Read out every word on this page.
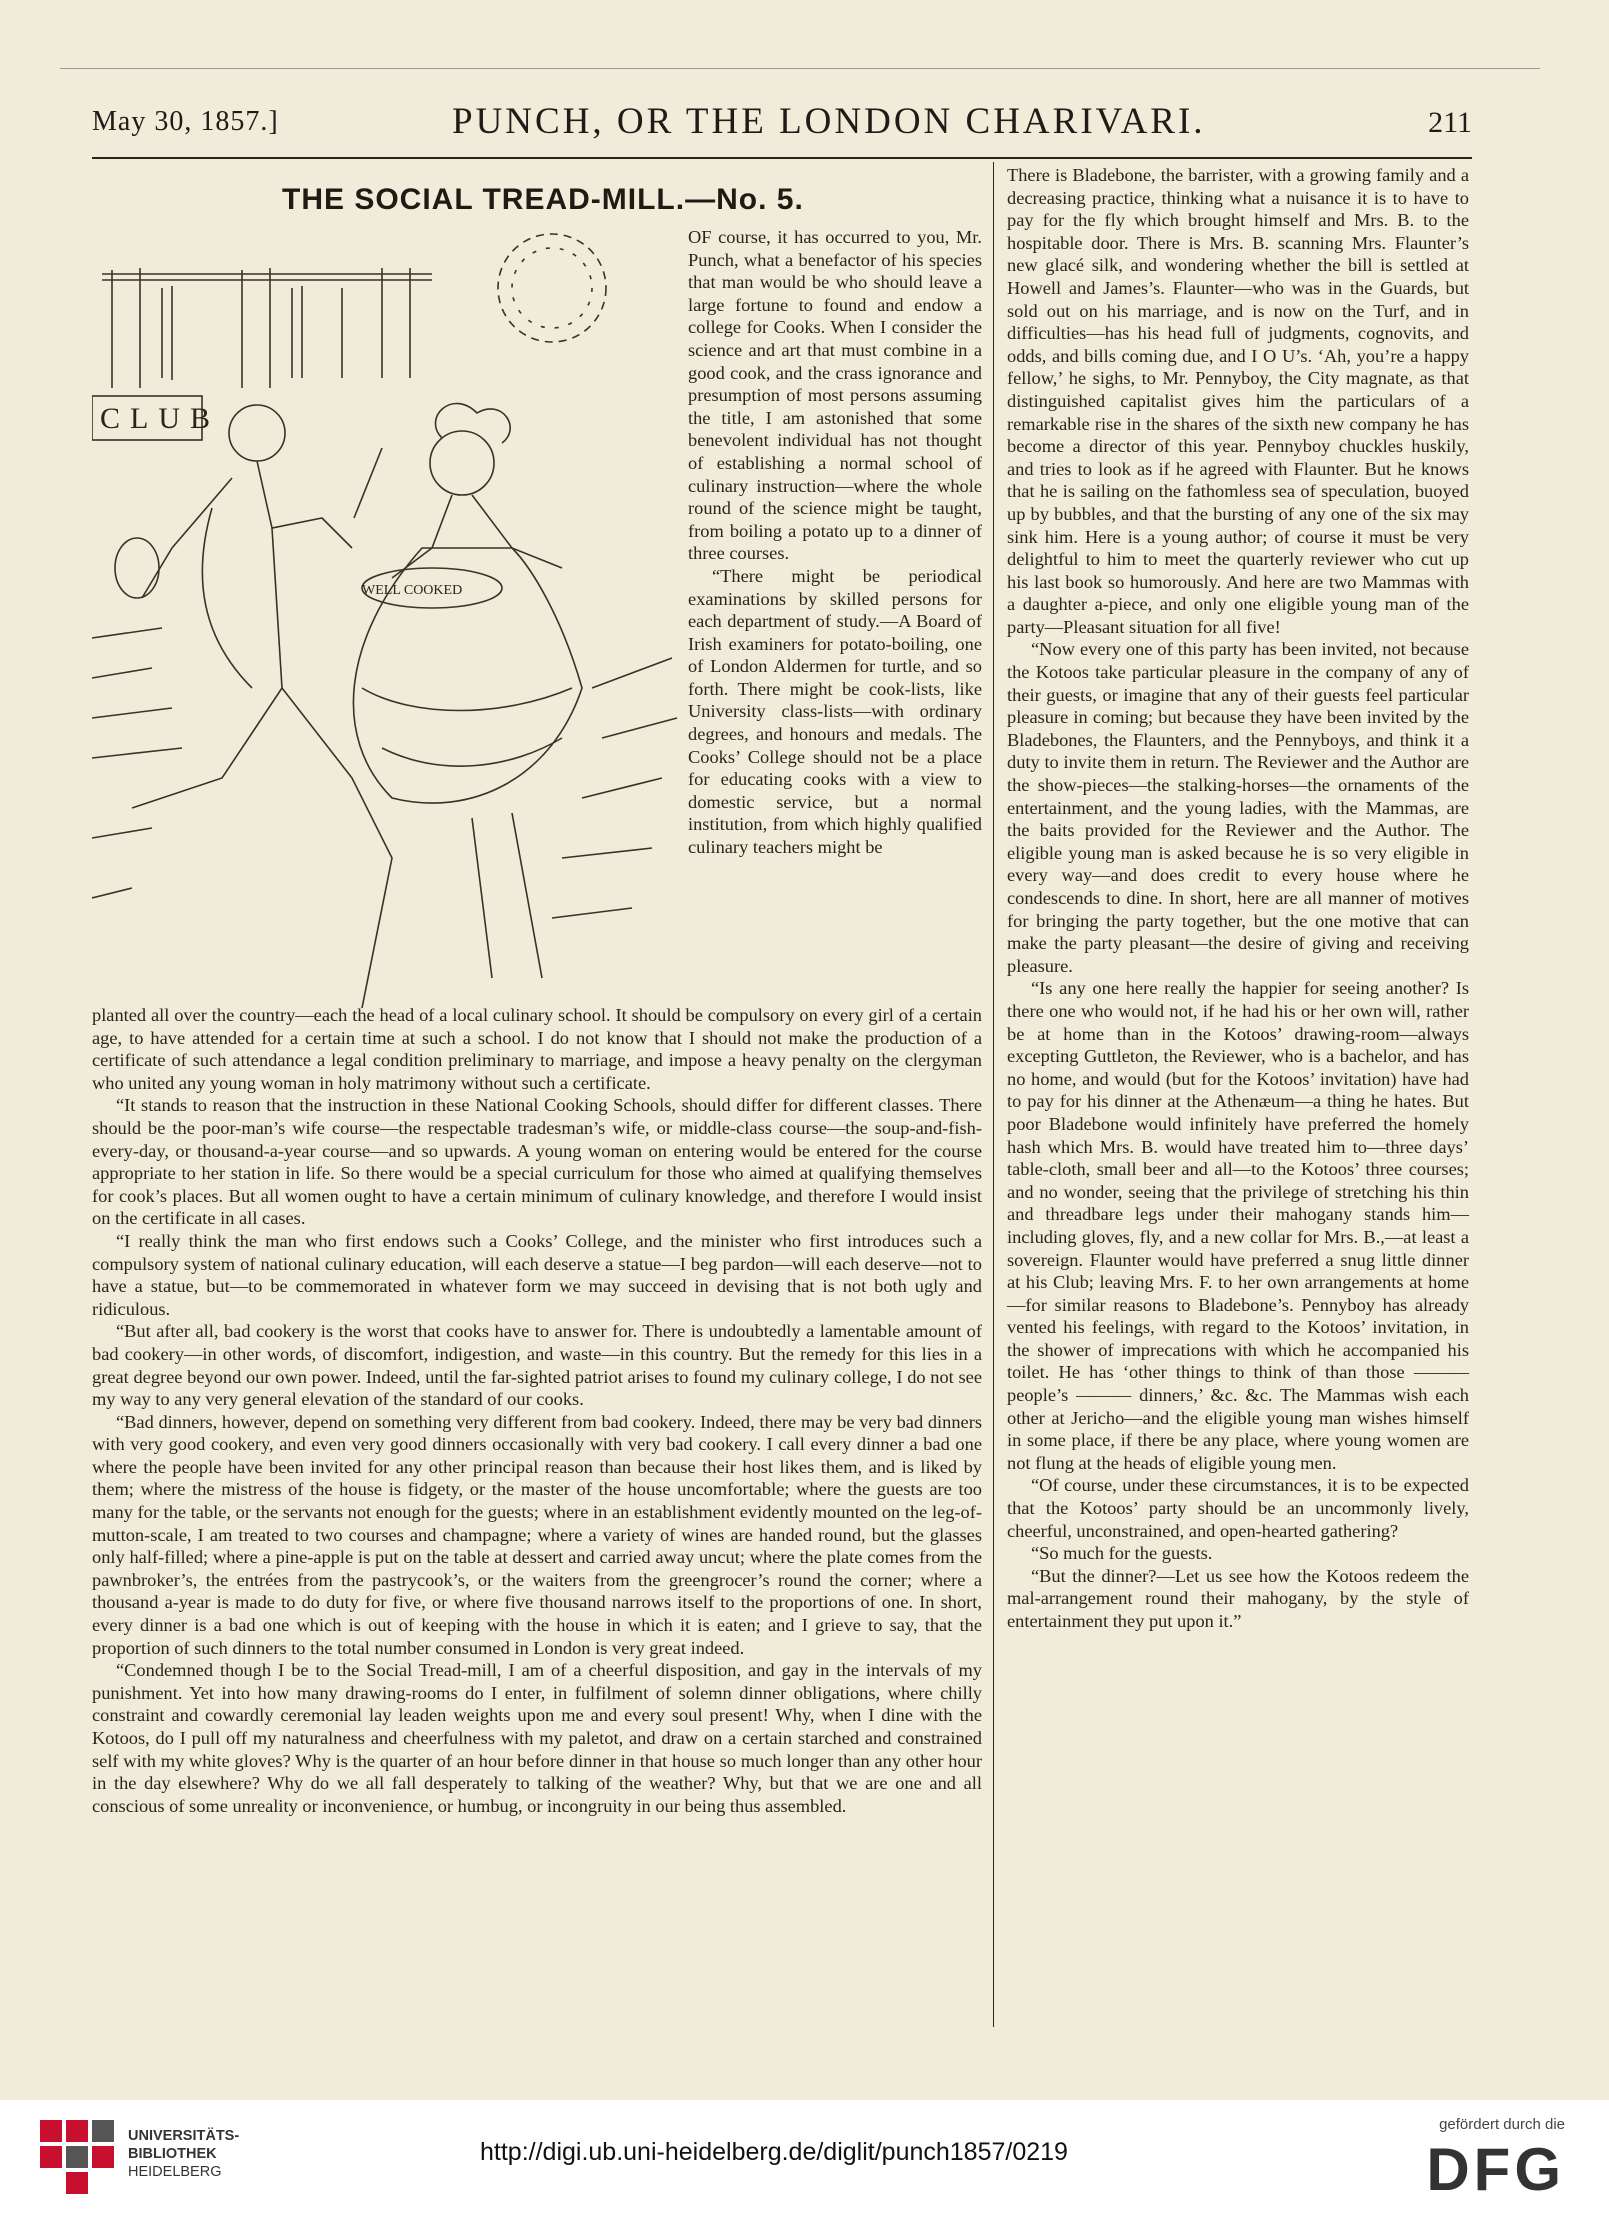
May 30, 1857.]	PUNCH, OR THE LONDON CHARIVARI.	211
THE SOCIAL TREAD-MILL.—No. 5.
CLUB
WELL COOKED

OF course, it has occurred to you, Mr. Punch, what a benefactor of his species that man would be who should leave a large fortune to found and endow a college for Cooks. When I consider the science and art that must combine in a good cook, and the crass ignorance and presumption of most persons assuming the title, I am astonished that some benevolent individual has not thought of establishing a normal school of culinary instruction—where the whole round of the science might be taught, from boiling a potato up to a dinner of three courses.

“There might be periodical examinations by skilled persons for each department of study.—A Board of Irish examiners for potato-boiling, one of London Aldermen for turtle, and so forth. There might be cook-lists, like University class-lists—with ordinary degrees, and honours and medals. The Cooks’ College should not be a place for educating cooks with a view to domestic service, but a normal institution, from which highly qualified culinary teachers might be

planted all over the country—each the head of a local culinary school. It should be compulsory on every girl of a certain age, to have attended for a certain time at such a school. I do not know that I should not make the production of a certificate of such attendance a legal condition preliminary to marriage, and impose a heavy penalty on the clergyman who united any young woman in holy matrimony without such a certificate.

“It stands to reason that the instruction in these National Cooking Schools, should differ for different classes. There should be the poor-man’s wife course—the respectable tradesman’s wife, or middle-class course—the soup-and-fish-every-day, or thousand-a-year course—and so upwards. A young woman on entering would be entered for the course appropriate to her station in life. So there would be a special curriculum for those who aimed at qualifying themselves for cook’s places. But all women ought to have a certain minimum of culinary knowledge, and therefore I would insist on the certificate in all cases.

“I really think the man who first endows such a Cooks’ College, and the minister who first introduces such a compulsory system of national culinary education, will each deserve a statue—I beg pardon—will each deserve—not to have a statue, but—to be commemorated in whatever form we may succeed in devising that is not both ugly and ridiculous.

“But after all, bad cookery is the worst that cooks have to answer for. There is undoubtedly a lamentable amount of bad cookery—in other words, of discomfort, indigestion, and waste—in this country. But the remedy for this lies in a great degree beyond our own power. Indeed, until the far-sighted patriot arises to found my culinary college, I do not see my way to any very general elevation of the standard of our cooks.

“Bad dinners, however, depend on something very different from bad cookery. Indeed, there may be very bad dinners with very good cookery, and even very good dinners occasionally with very bad cookery. I call every dinner a bad one where the people have been invited for any other principal reason than because their host likes them, and is liked by them; where the mistress of the house is fidgety, or the master of the house uncomfortable; where the guests are too many for the table, or the servants not enough for the guests; where in an establishment evidently mounted on the leg-of-mutton-scale, I am treated to two courses and champagne; where a variety of wines are handed round, but the glasses only half-filled; where a pine-apple is put on the table at dessert and carried away uncut; where the plate comes from the pawnbroker’s, the entrées from the pastrycook’s, or the waiters from the greengrocer’s round the corner; where a thousand a-year is made to do duty for five, or where five thousand narrows itself to the proportions of one. In short, every dinner is a bad one which is out of keeping with the house in which it is eaten; and I grieve to say, that the proportion of such dinners to the total number consumed in London is very great indeed.

“Condemned though I be to the Social Tread-mill, I am of a cheerful disposition, and gay in the intervals of my punishment. Yet into how many drawing-rooms do I enter, in fulfilment of solemn dinner obligations, where chilly constraint and cowardly ceremonial lay leaden weights upon me and every soul present! Why, when I dine with the Kotoos, do I pull off my naturalness and cheerfulness with my paletot, and draw on a certain starched and constrained self with my white gloves? Why is the quarter of an hour before dinner in that house so much longer than any other hour in the day elsewhere? Why do we all fall desperately to talking of the weather? Why, but that we are one and all conscious of some unreality or inconvenience, or humbug, or incongruity in our being thus assembled.

There is Bladebone, the barrister, with a growing family and a decreasing practice, thinking what a nuisance it is to have to pay for the fly which brought himself and Mrs. B. to the hospitable door. There is Mrs. B. scanning Mrs. Flaunter’s new glacé silk, and wondering whether the bill is settled at Howell and James’s. Flaunter—who was in the Guards, but sold out on his marriage, and is now on the Turf, and in difficulties—has his head full of judgments, cognovits, and odds, and bills coming due, and I O U’s. ‘Ah, you’re a happy fellow,’ he sighs, to Mr. Pennyboy, the City magnate, as that distinguished capitalist gives him the particulars of a remarkable rise in the shares of the sixth new company he has become a director of this year. Pennyboy chuckles huskily, and tries to look as if he agreed with Flaunter. But he knows that he is sailing on the fathomless sea of speculation, buoyed up by bubbles, and that the bursting of any one of the six may sink him. Here is a young author; of course it must be very delightful to him to meet the quarterly reviewer who cut up his last book so humorously. And here are two Mammas with a daughter a-piece, and only one eligible young man of the party—Pleasant situation for all five!

“Now every one of this party has been invited, not because the Kotoos take particular pleasure in the company of any of their guests, or imagine that any of their guests feel particular pleasure in coming; but because they have been invited by the Bladebones, the Flaunters, and the Pennyboys, and think it a duty to invite them in return. The Reviewer and the Author are the show-pieces—the stalking-horses—the ornaments of the entertainment, and the young ladies, with the Mammas, are the baits provided for the Reviewer and the Author. The eligible young man is asked because he is so very eligible in every way—and does credit to every house where he condescends to dine. In short, here are all manner of motives for bringing the party together, but the one motive that can make the party pleasant—the desire of giving and receiving pleasure.

“Is any one here really the happier for seeing another? Is there one who would not, if he had his or her own will, rather be at home than in the Kotoos’ drawing-room—always excepting Guttleton, the Reviewer, who is a bachelor, and has no home, and would (but for the Kotoos’ invitation) have had to pay for his dinner at the Athenæum—a thing he hates. But poor Bladebone would infinitely have preferred the homely hash which Mrs. B. would have treated him to—three days’ table-cloth, small beer and all—to the Kotoos’ three courses; and no wonder, seeing that the privilege of stretching his thin and threadbare legs under their mahogany stands him—including gloves, fly, and a new collar for Mrs. B.,—at least a sovereign. Flaunter would have preferred a snug little dinner at his Club; leaving Mrs. F. to her own arrangements at home—for similar reasons to Bladebone’s. Pennyboy has already vented his feelings, with regard to the Kotoos’ invitation, in the shower of imprecations with which he accompanied his toilet. He has ‘other things to think of than those ——— people’s ——— dinners,’ &c. &c. The Mammas wish each other at Jericho—and the eligible young man wishes himself in some place, if there be any place, where young women are not flung at the heads of eligible young men.

“Of course, under these circumstances, it is to be expected that the Kotoos’ party should be an uncommonly lively, cheerful, unconstrained, and open-hearted gathering?

“So much for the guests.

“But the dinner?—Let us see how the Kotoos redeem the mal-arrangement round their mahogany, by the style of entertainment they put upon it.”

UNIVERSITÄTS-
BIBLIOTHEK
HEIDELBERG
http://digi.ub.uni-heidelberg.de/diglit/punch1857/0219
gefördert durch die
DFG
